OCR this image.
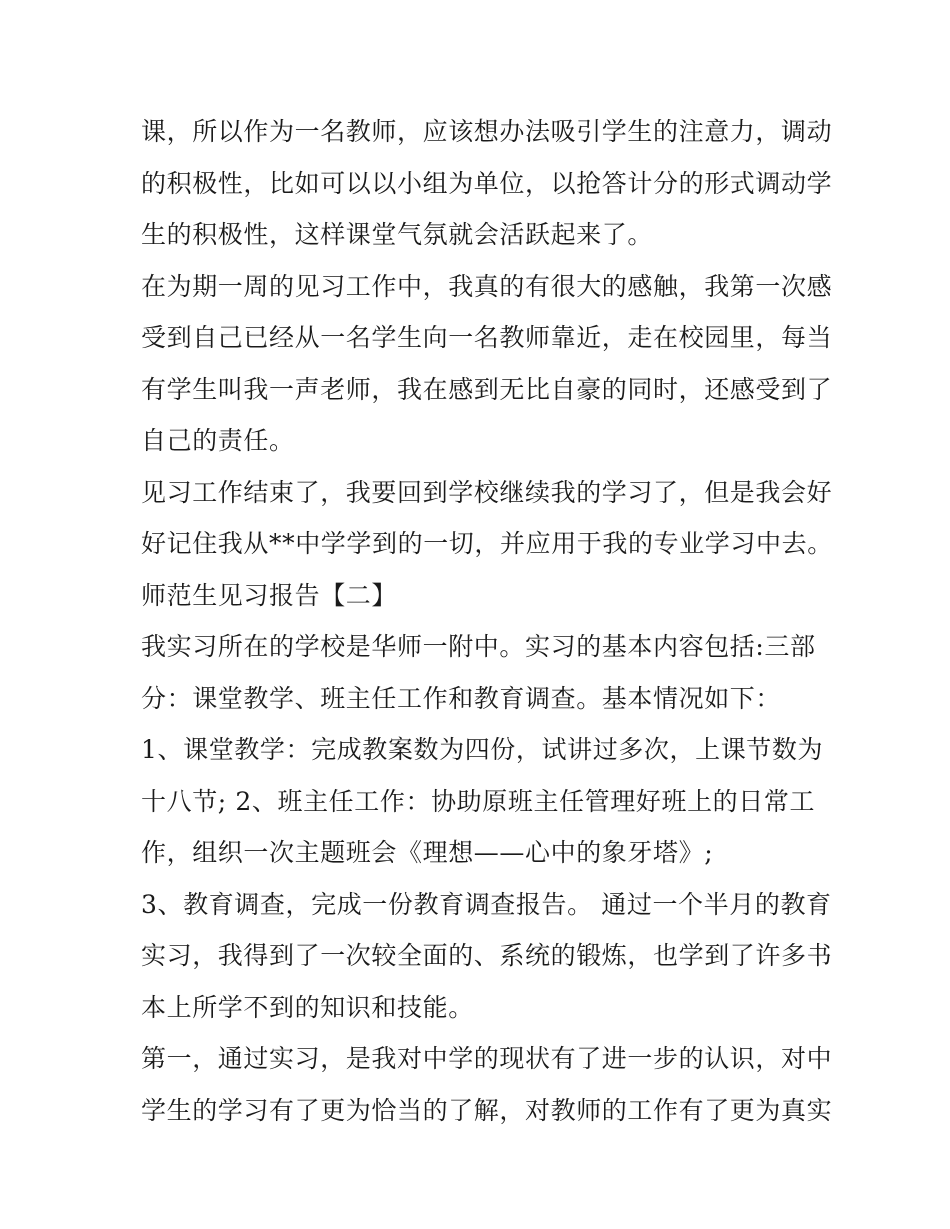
课，所以作为一名教师，应该想办法吸引学生的注意力，调动
的积极性，比如可以以小组为单位，以抢答计分的形式调动学
生的积极性，这样课堂气氛就会活跃起来了。
在为期一周的见习工作中，我真的有很大的感触，我第一次感
受到自己已经从一名学生向一名教师靠近，走在校园里，每当
有学生叫我一声老师，我在感到无比自豪的同时，还感受到了
自己的责任。
见习工作结束了，我要回到学校继续我的学习了，但是我会好
好记住我从**中学学到的一切，并应用于我的专业学习中去。
师范生见习报告【二】
我实习所在的学校是华师一附中。实习的基本内容包括:三部
分：课堂教学、班主任工作和教育调查。基本情况如下：
1、课堂教学：完成教案数为四份，试讲过多次，上课节数为
十八节; 2、班主任工作：协助原班主任管理好班上的日常工
作，组织一次主题班会《理想——心中的象牙塔》;
3、教育调查，完成一份教育调查报告。 通过一个半月的教育
实习，我得到了一次较全面的、系统的锻炼，也学到了许多书
本上所学不到的知识和技能。
第一，通过实习，是我对中学的现状有了进一步的认识，对中
学生的学习有了更为恰当的了解，对教师的工作有了更为真实
